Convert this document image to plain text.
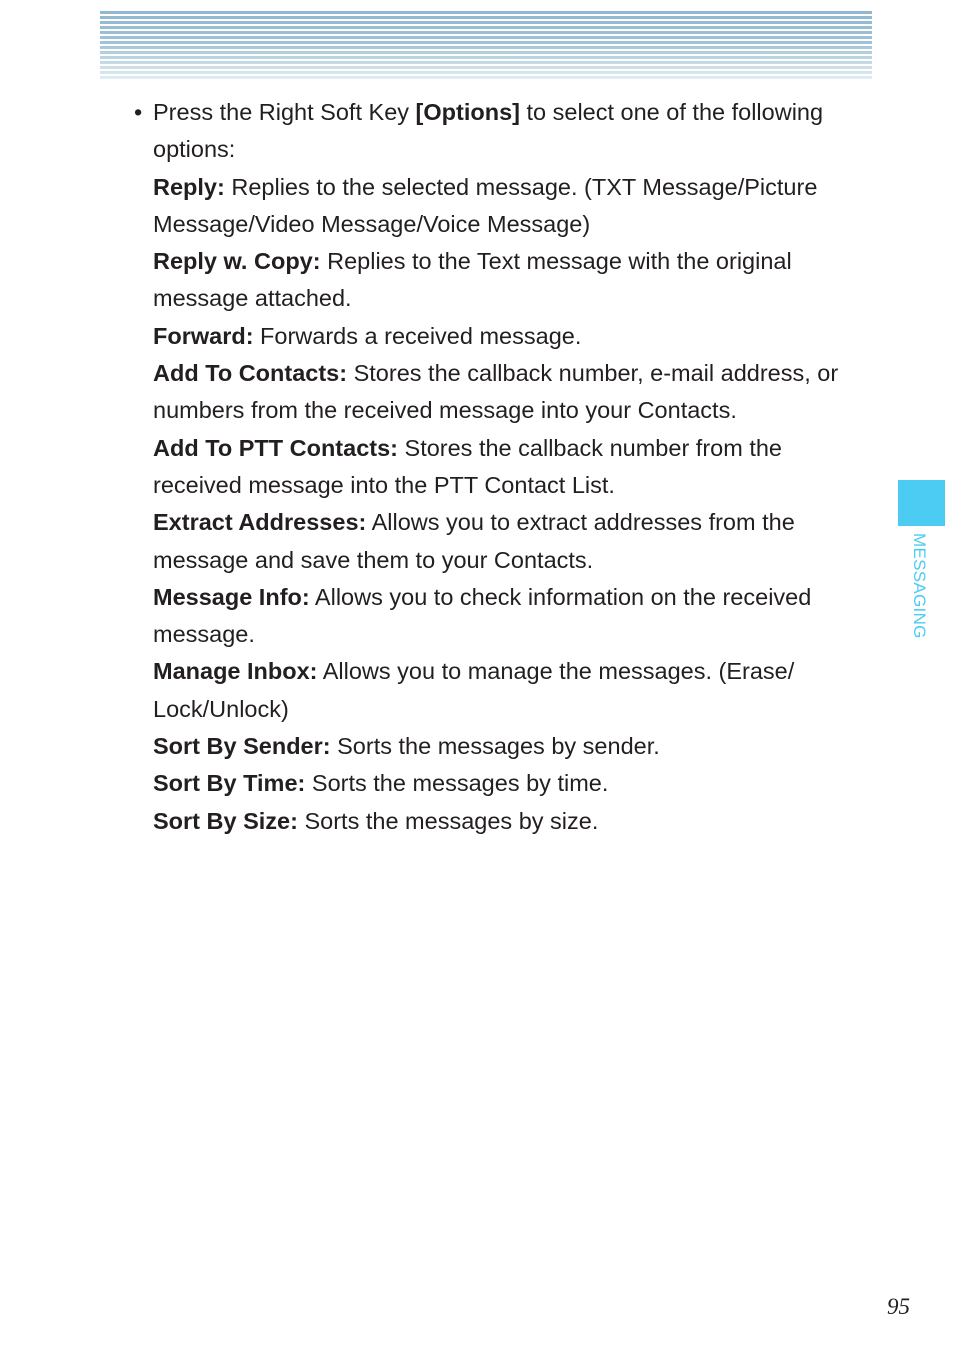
• Press the Right Soft Key [Options] to select one of the following options:

Reply: Replies to the selected message. (TXT Message/Picture Message/Video Message/Voice Message)

Reply w. Copy: Replies to the Text message with the original message attached.

Forward: Forwards a received message.

Add To Contacts: Stores the callback number, e-mail address, or numbers from the received message into your Contacts.

Add To PTT Contacts: Stores the callback number from the received message into the PTT Contact List.

Extract Addresses: Allows you to extract addresses from the message and save them to your Contacts.

Message Info: Allows you to check information on the received message.

Manage Inbox: Allows you to manage the messages. (Erase/ Lock/Unlock)

Sort By Sender: Sorts the messages by sender.

Sort By Time: Sorts the messages by time.

Sort By Size: Sorts the messages by size.

MESSAGING
95
